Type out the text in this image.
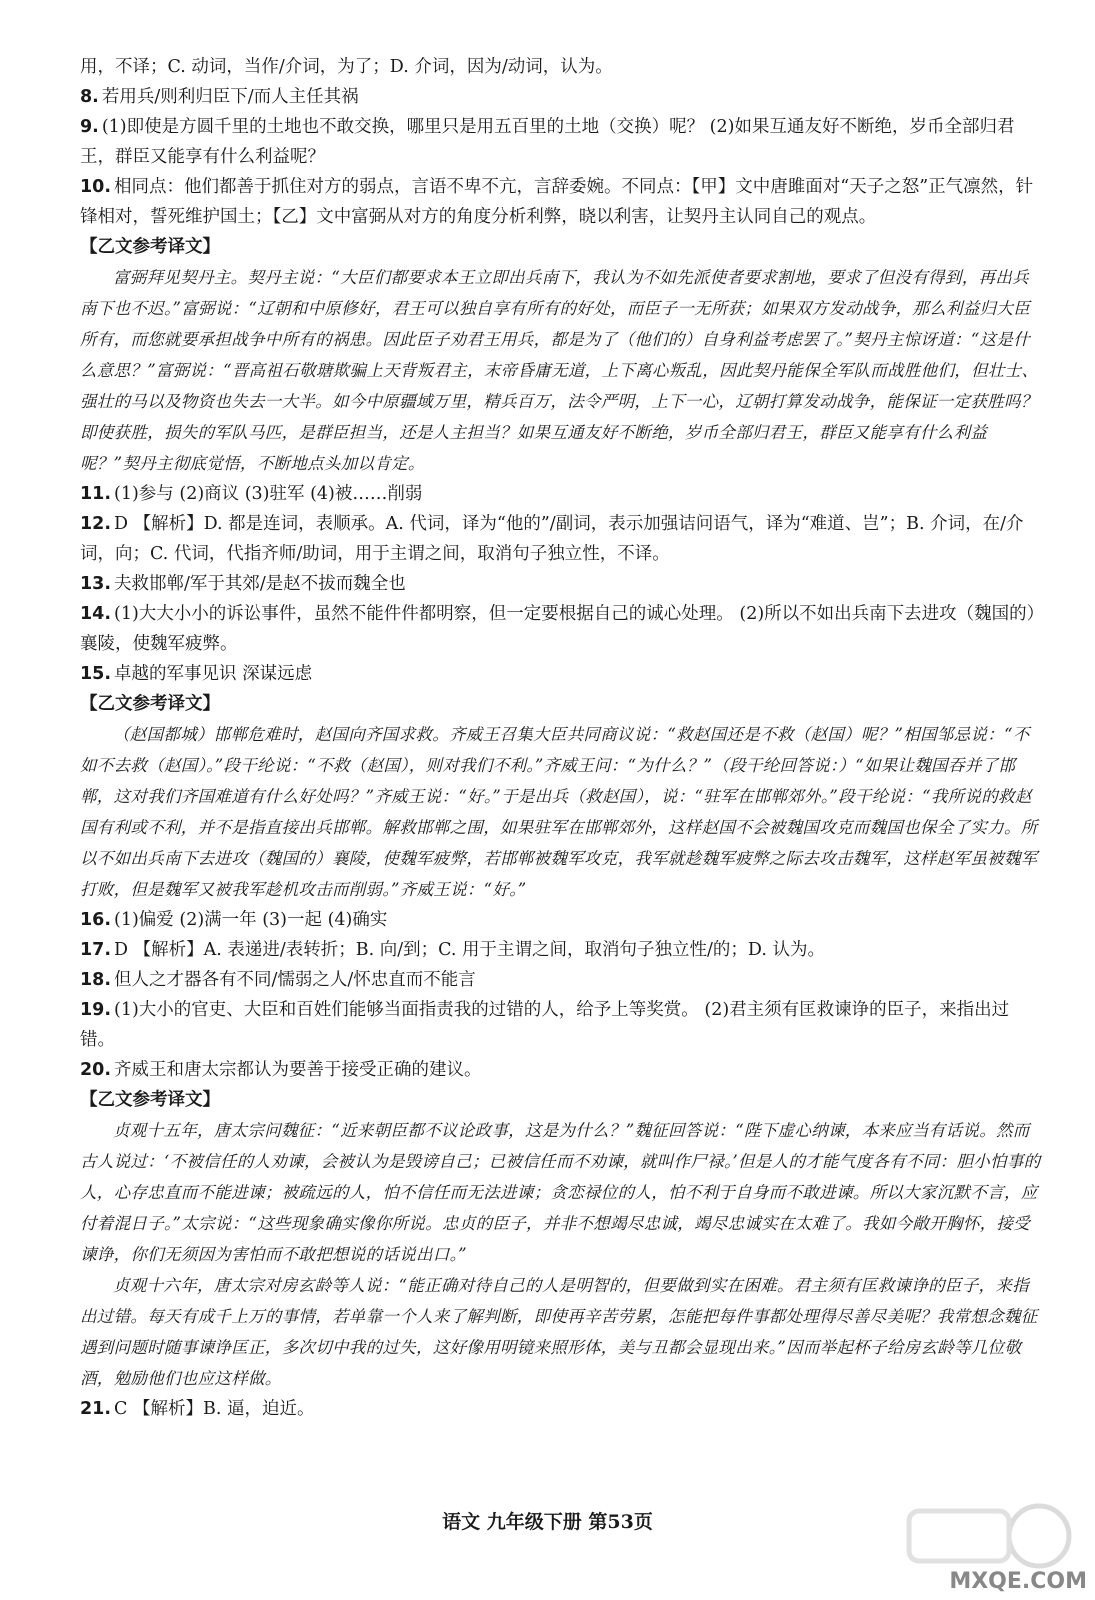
用，不译；C. 动词，当作/介词，为了；D. 介词，因为/动词，认为。

8. 若用兵/则利归臣下/而人主任其祸

9. (1)即使是方圆千里的土地也不敢交换，哪里只是用五百里的土地（交换）呢？ (2)如果互通友好不断绝，岁币全部归君王，群臣又能享有什么利益呢？

10. 相同点：他们都善于抓住对方的弱点，言语不卑不亢，言辞委婉。不同点：【甲】文中唐雎面对“天子之怒”正气凛然，针锋相对，誓死维护国土；【乙】文中富弼从对方的角度分析利弊，晓以利害，让契丹主认同自己的观点。

【乙文参考译文】

富弼拜见契丹主。契丹主说：“大臣们都要求本王立即出兵南下，我认为不如先派使者要求割地，要求了但没有得到，再出兵南下也不迟。”富弼说：“辽朝和中原修好，君王可以独自享有所有的好处，而臣子一无所获；如果双方发动战争，那么利益归大臣所有，而您就要承担战争中所有的祸患。因此臣子劝君王用兵，都是为了（他们的）自身利益考虑罢了。”契丹主惊讶道：“这是什么意思？”富弼说：“晋高祖石敬瑭欺骗上天背叛君主，末帝昏庸无道，上下离心叛乱，因此契丹能保全军队而战胜他们，但壮士、强壮的马以及物资也失去一大半。如今中原疆域万里，精兵百万，法令严明，上下一心，辽朝打算发动战争，能保证一定获胜吗？即使获胜，损失的军队马匹，是群臣担当，还是人主担当？如果互通友好不断绝，岁币全部归君王，群臣又能享有什么利益呢？”契丹主彻底觉悟，不断地点头加以肯定。

11. (1)参与 (2)商议 (3)驻军 (4)被……削弱

12. D 【解析】D. 都是连词，表顺承。A. 代词，译为“他的”/副词，表示加强诘问语气，译为“难道、岂”；B. 介词，在/介词，向；C. 代词，代指齐师/助词，用于主谓之间，取消句子独立性，不译。

13. 夫救邯郸/军于其郊/是赵不拔而魏全也

14. (1)大大小小的诉讼事件，虽然不能件件都明察，但一定要根据自己的诚心处理。 (2)所以不如出兵南下去进攻（魏国的）襄陵，使魏军疲弊。

15. 卓越的军事见识 深谋远虑

【乙文参考译文】

（赵国都城）邯郸危难时，赵国向齐国求救。齐威王召集大臣共同商议说：“救赵国还是不救（赵国）呢？”相国邹忌说：“不如不去救（赵国）。”段干纶说：“不救（赵国），则对我们不利。”齐威王问：“为什么？”（段干纶回答说：）“如果让魏国吞并了邯郸，这对我们齐国难道有什么好处吗？”齐威王说：“好。”于是出兵（救赵国），说：“驻军在邯郸郊外。”段干纶说：“我所说的救赵国有利或不利，并不是指直接出兵邯郸。解救邯郸之围，如果驻军在邯郸郊外，这样赵国不会被魏国攻克而魏国也保全了实力。所以不如出兵南下去进攻（魏国的）襄陵，使魏军疲弊，若邯郸被魏军攻克，我军就趁魏军疲弊之际去攻击魏军，这样赵军虽被魏军打败，但是魏军又被我军趁机攻击而削弱。”齐威王说：“好。”

16. (1)偏爱 (2)满一年 (3)一起 (4)确实

17. D 【解析】A. 表递进/表转折；B. 向/到；C. 用于主谓之间，取消句子独立性/的；D. 认为。

18. 但人之才器各有不同/懦弱之人/怀忠直而不能言

19. (1)大小的官吏、大臣和百姓们能够当面指责我的过错的人，给予上等奖赏。 (2)君主须有匡救谏诤的臣子，来指出过错。

20. 齐威王和唐太宗都认为要善于接受正确的建议。

【乙文参考译文】

贞观十五年，唐太宗问魏征：“近来朝臣都不议论政事，这是为什么？”魏征回答说：“陛下虚心纳谏，本来应当有话说。然而古人说过：‘不被信任的人劝谏，会被认为是毁谤自己；已被信任而不劝谏，就叫作尸禄。’但是人的才能气度各有不同：胆小怕事的人，心存忠直而不能进谏；被疏远的人，怕不信任而无法进谏；贪恋禄位的人，怕不利于自身而不敢进谏。所以大家沉默不言，应付着混日子。”太宗说：“这些现象确实像你所说。忠贞的臣子，并非不想竭尽忠诚，竭尽忠诚实在太难了。我如今敞开胸怀，接受谏诤，你们无须因为害怕而不敢把想说的话说出口。”

贞观十六年，唐太宗对房玄龄等人说：“能正确对待自己的人是明智的，但要做到实在困难。君主须有匡救谏诤的臣子，来指出过错。每天有成千上万的事情，若单靠一个人来了解判断，即使再辛苦劳累，怎能把每件事都处理得尽善尽美呢？我常想念魏征遇到问题时随事谏诤匡正，多次切中我的过失，这好像用明镜来照形体，美与丑都会显现出来。”因而举起杯子给房玄龄等几位敬酒，勉励他们也应这样做。

21. C 【解析】B. 逼，迫近。

语文 九年级下册 第53页
MXQE.COM
